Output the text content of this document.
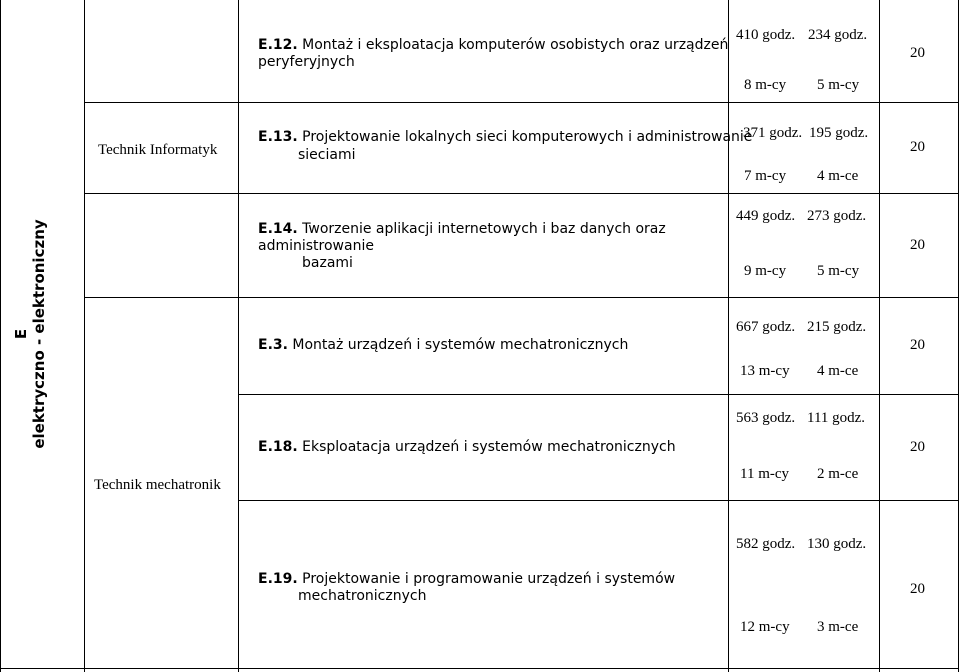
E elektryczno - elektroniczny
Technik Informatyk
Technik mechatronik
E.12. Montaż i eksploatacja komputerów osobistych oraz urządzeń
peryferyjnych
410 godz. 234 godz.
8 m-cy 5 m-cy
20
E.13. Projektowanie lokalnych sieci komputerowych i administrowanie
sieciami
371 godz. 195 godz.
7 m-cy 4 m-ce
20
E.14. Tworzenie aplikacji internetowych i baz danych oraz
administrowanie
bazami
449 godz. 273 godz.
9 m-cy 5 m-cy
20
E.3. Montaż urządzeń i systemów mechatronicznych
667 godz. 215 godz.
13 m-cy 4 m-ce
20
E.18. Eksploatacja urządzeń i systemów mechatronicznych
563 godz. 111 godz.
11 m-cy 2 m-ce
20
E.19. Projektowanie i programowanie urządzeń i systemów
mechatronicznych
582 godz. 130 godz.
12 m-cy 3 m-ce
20
